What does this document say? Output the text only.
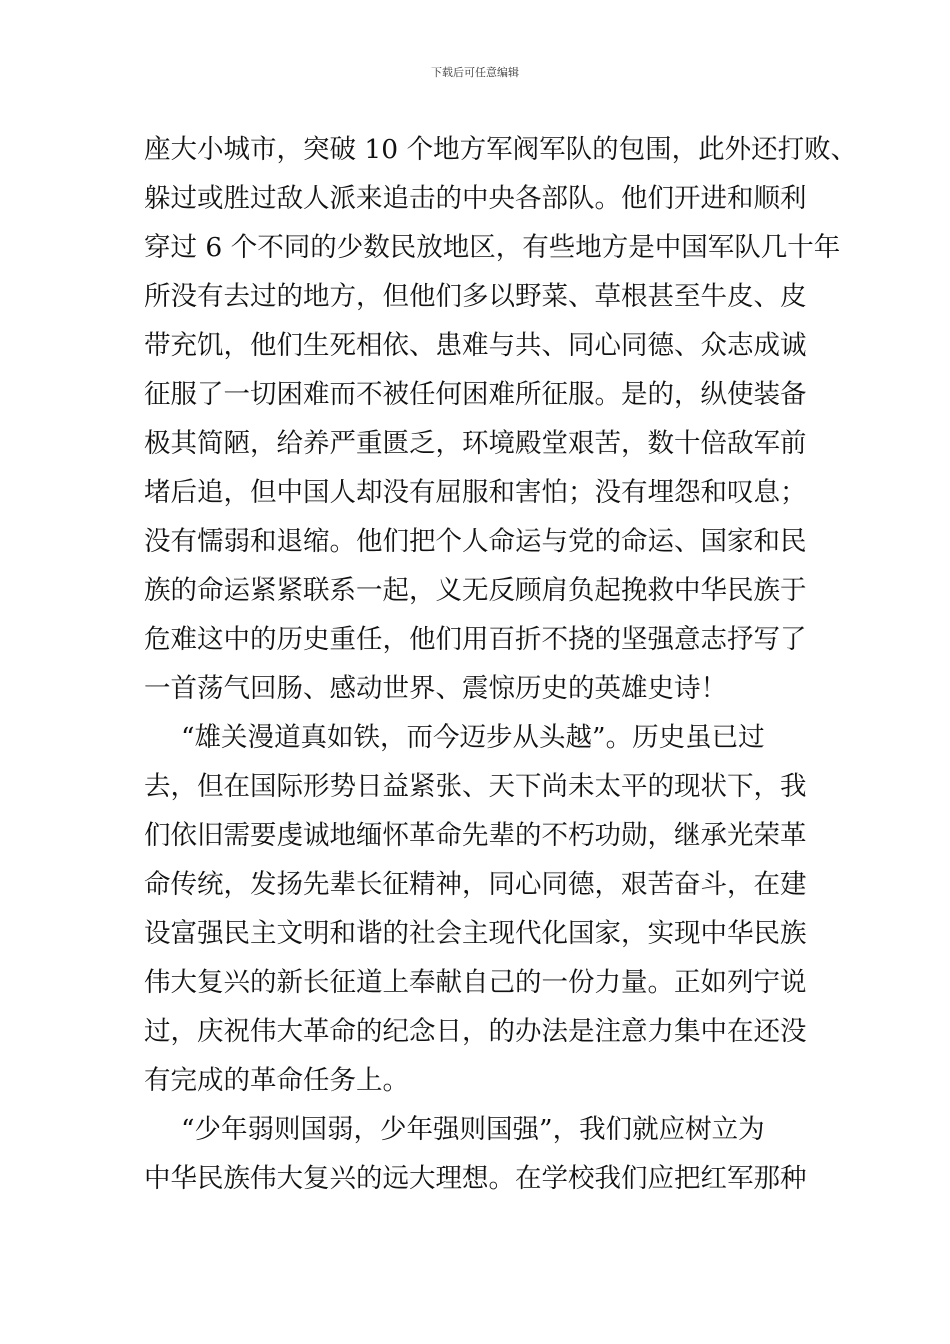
下载后可任意编辑
座大小城市，突破 10 个地方军阀军队的包围，此外还打败、
躲过或胜过敌人派来追击的中央各部队。他们开进和顺利
穿过 6 个不同的少数民放地区，有些地方是中国军队几十年
所没有去过的地方，但他们多以野菜、草根甚至牛皮、皮
带充饥，他们生死相依、患难与共、同心同德、众志成诚
征服了一切困难而不被任何困难所征服。是的，纵使装备
极其简陋，给养严重匮乏，环境殿堂艰苦，数十倍敌军前
堵后追，但中国人却没有屈服和害怕；没有埋怨和叹息；
没有懦弱和退缩。他们把个人命运与党的命运、国家和民
族的命运紧紧联系一起，义无反顾肩负起挽救中华民族于
危难这中的历史重任，他们用百折不挠的坚强意志抒写了
一首荡气回肠、感动世界、震惊历史的英雄史诗！
“雄关漫道真如铁，而今迈步从头越”。历史虽已过
去，但在国际形势日益紧张、天下尚未太平的现状下，我
们依旧需要虔诚地缅怀革命先辈的不朽功勋，继承光荣革
命传统，发扬先辈长征精神，同心同德，艰苦奋斗，在建
设富强民主文明和谐的社会主现代化国家，实现中华民族
伟大复兴的新长征道上奉献自己的一份力量。正如列宁说
过，庆祝伟大革命的纪念日，的办法是注意力集中在还没
有完成的革命任务上。
“少年弱则国弱，少年强则国强”，我们就应树立为
中华民族伟大复兴的远大理想。在学校我们应把红军那种
